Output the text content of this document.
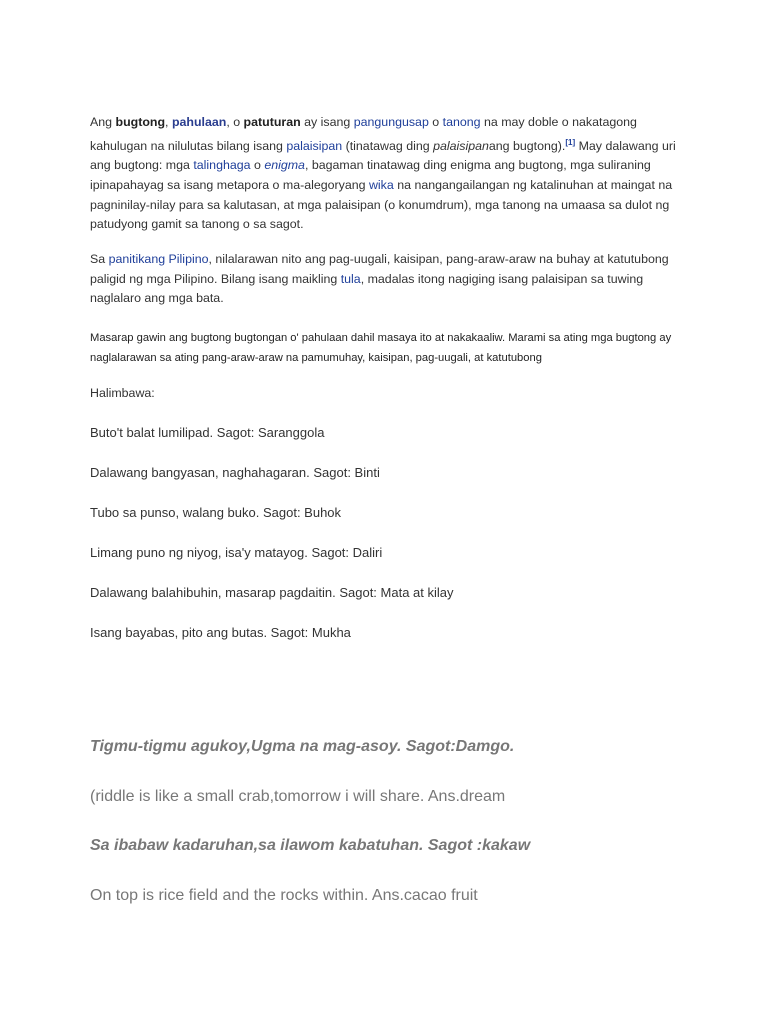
Ang bugtong, pahulaan, o patuturan ay isang pangungusap o tanong na may doble o nakatagong kahulugan na nilulutas bilang isang palaisipan (tinatawag ding palaisipanang bugtong).[1] May dalawang uri ang bugtong: mga talinghaga o enigma, bagaman tinatawag ding enigma ang bugtong, mga suliraning ipinapahayag sa isang metapora o ma-alegoryang wika na nangangailangan ng katalinuhan at maingat na pagninilay-nilay para sa kalutasan, at mga palaisipan (o konumdrum), mga tanong na umaasa sa dulot ng patudyong gamit sa tanong o sa sagot.
Sa panitikang Pilipino, nilalarawan nito ang pag-uugali, kaisipan, pang-araw-araw na buhay at katutubong paligid ng mga Pilipino. Bilang isang maikling tula, madalas itong nagiging isang palaisipan sa tuwing naglalaro ang mga bata.
Masarap gawin ang bugtong bugtongan o' pahulaan dahil masaya ito at nakakaaliw. Marami sa ating mga bugtong ay naglalarawan sa ating pang-araw-araw na pamumuhay, kaisipan, pag-uugali, at katutubong
Halimbawa:
Buto't balat lumilipad. Sagot: Saranggola
Dalawang bangyasan, naghahagaran. Sagot: Binti
Tubo sa punso, walang buko. Sagot: Buhok
Limang puno ng niyog, isa'y matayog. Sagot: Daliri
Dalawang balahibuhin, masarap pagdaitin. Sagot: Mata at kilay
Isang bayabas, pito ang butas. Sagot: Mukha
Tigmu-tigmu agukoy,Ugma na mag-asoy. Sagot:Damgo.
(riddle is like a small crab,tomorrow i will share. Ans.dream
Sa ibabaw kadaruhan,sa ilawom kabatuhan. Sagot :kakaw
On top is rice field and the rocks within. Ans.cacao fruit
